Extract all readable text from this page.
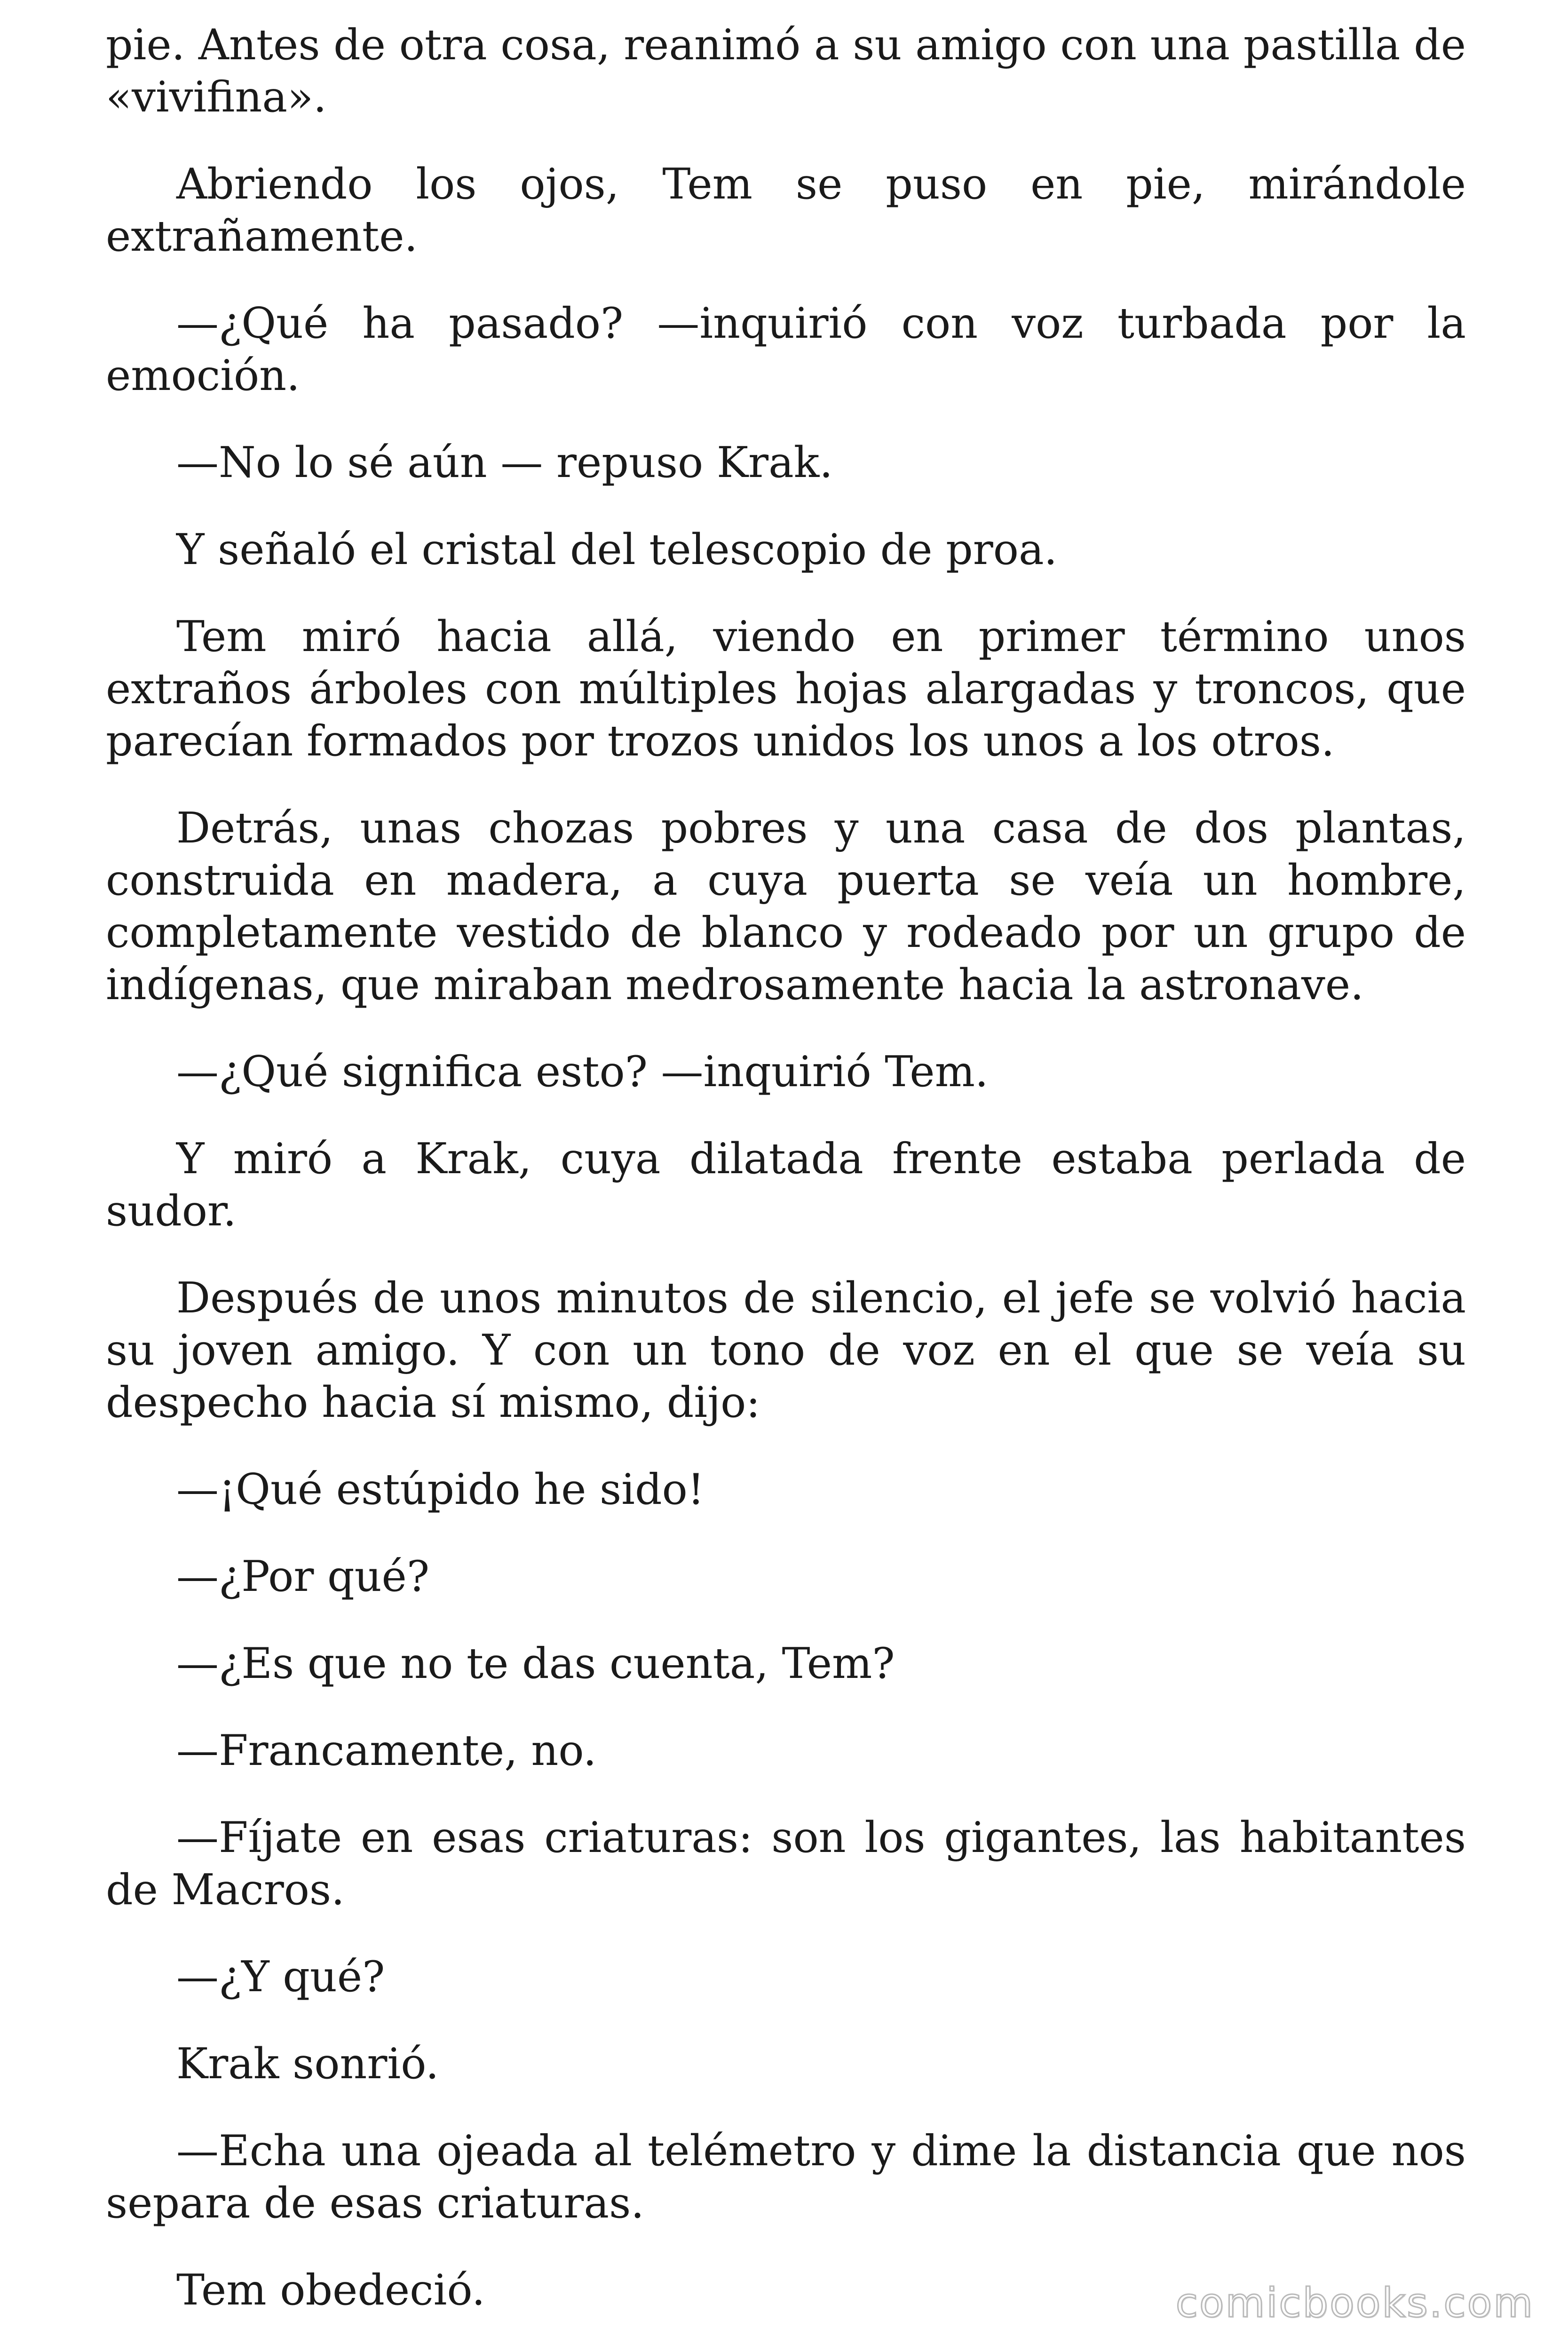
pie. Antes de otra cosa, reanimó a su amigo con una pastilla de «vivifina».

Abriendo los ojos, Tem se puso en pie, mirándole extrañamente.

—¿Qué ha pasado? —inquirió con voz turbada por la emoción.

—No lo sé aún — repuso Krak.

Y señaló el cristal del telescopio de proa.

Tem miró hacia allá, viendo en primer término unos extraños árboles con múltiples hojas alargadas y troncos, que parecían formados por trozos unidos los unos a los otros.

Detrás, unas chozas pobres y una casa de dos plantas, construida en madera, a cuya puerta se veía un hombre, completamente vestido de blanco y rodeado por un grupo de indígenas, que miraban medrosamente hacia la astronave.

—¿Qué significa esto? —inquirió Tem.

Y miró a Krak, cuya dilatada frente estaba perlada de sudor.

Después de unos minutos de silencio, el jefe se volvió hacia su joven amigo. Y con un tono de voz en el que se veía su despecho hacia sí mismo, dijo:

—¡Qué estúpido he sido!

—¿Por qué?

—¿Es que no te das cuenta, Tem?

—Francamente, no.

—Fíjate en esas criaturas: son los gigantes, las habitantes de Macros.

—¿Y qué?

Krak sonrió.

—Echa una ojeada al telémetro y dime la distancia que nos separa de esas criaturas.

Tem obedeció.	comicbooks.com
